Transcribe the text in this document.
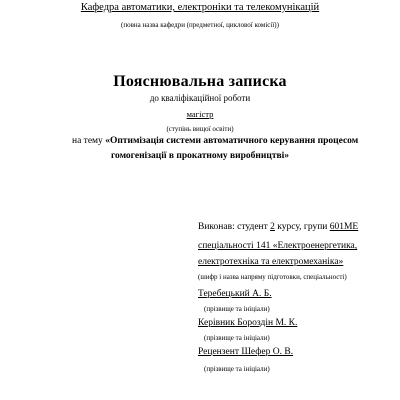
Кафедра автоматики, електроніки та телекомунікацій
(повна назва кафедри (предметної, циклової комісії))
Пояснювальна записка
до кваліфікаційної роботи
магістр
(ступінь вищої освіти)
на тему «Оптимізація системи автоматичного керування процесом
гомогенізації в прокатному виробництві»
Виконав: студент 2 курсу, групи 601МЕ
спеціальності 141 «Електроенергетика,
електротехніка та електромеханіка»
(шифр і назва напряму підготовки, спеціальності)
Теребецький А. Б.
(прізвище та ініціали)
Керівник Бороздін М. К.
(прізвище та ініціали)
Рецензент Шефер О. В.
(прізвище та ініціали)
